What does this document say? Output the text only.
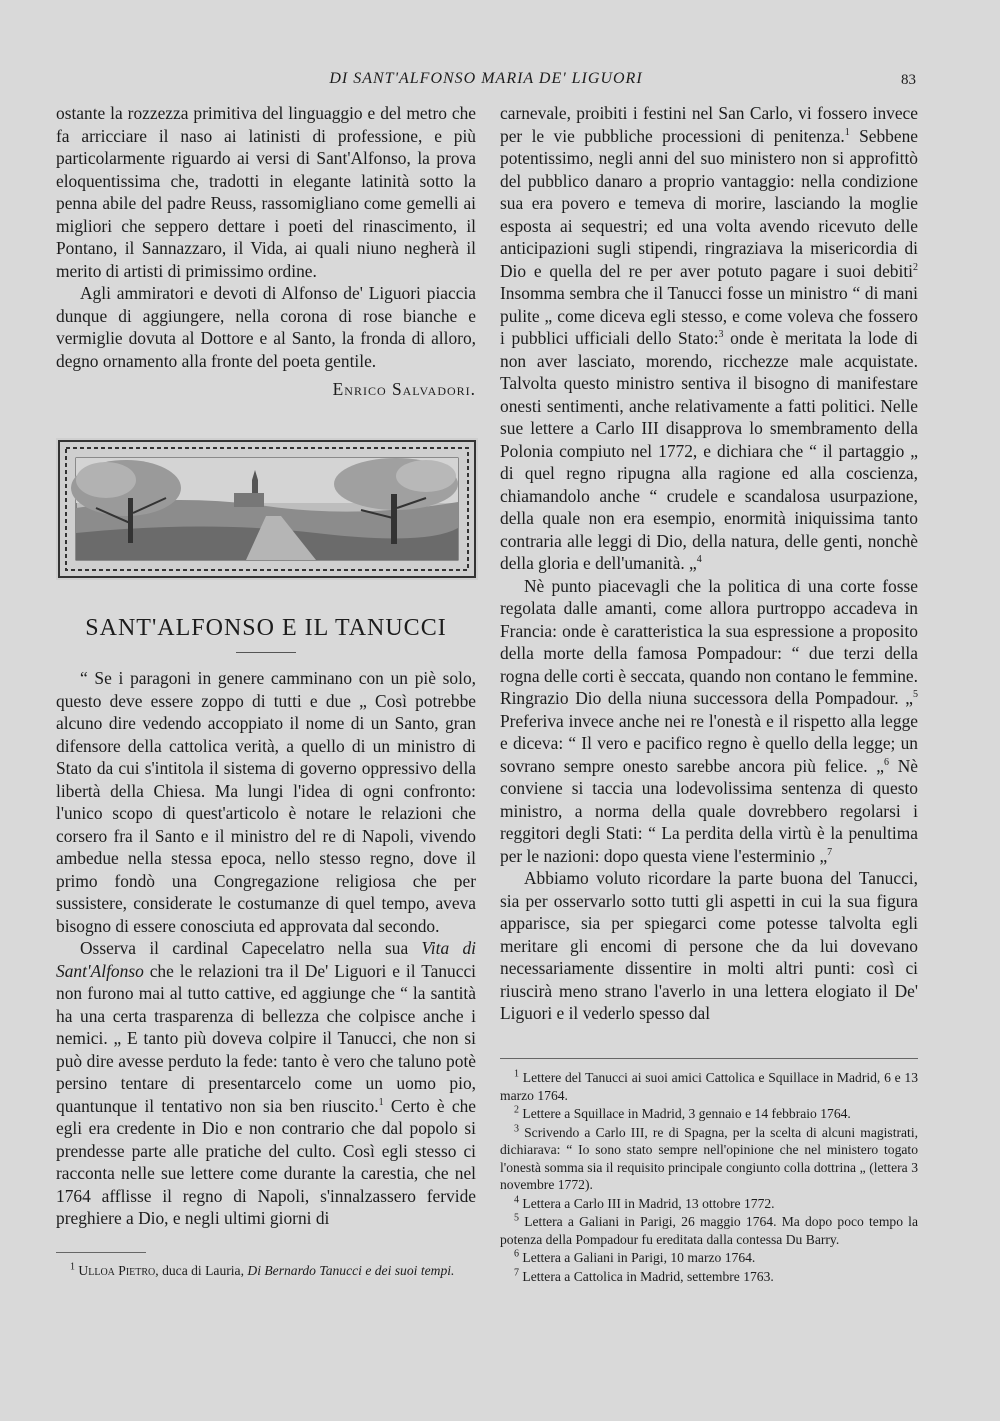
DI SANT'ALFONSO MARIA DE' LIGUORI	83

ostante la rozzezza primitiva del linguaggio e del metro che fa arricciare il naso ai latinisti di professione, e più particolarmente riguardo ai versi di Sant'Alfonso, la prova eloquentissima che, tradotti in elegante latinità sotto la penna abile del padre Reuss, rassomigliano come gemelli ai migliori che seppero dettare i poeti del rinascimento, il Pontano, il Sannazzaro, il Vida, ai quali niuno negherà il merito di artisti di primissimo ordine.

Agli ammiratori e devoti di Alfonso de' Liguori piaccia dunque di aggiungere, nella corona di rose bianche e vermiglie dovuta al Dottore e al Santo, la fronda di alloro, degno ornamento alla fronte del poeta gentile.

Enrico Salvadori.
SANT'ALFONSO E IL TANUCCI

“ Se i paragoni in genere camminano con un piè solo, questo deve essere zoppo di tutti e due „ Così potrebbe alcuno dire vedendo accoppiato il nome di un Santo, gran difensore della cattolica verità, a quello di un ministro di Stato da cui s'intitola il sistema di governo oppressivo della libertà della Chiesa. Ma lungi l'idea di ogni confronto: l'unico scopo di quest'articolo è notare le relazioni che corsero fra il Santo e il ministro del re di Napoli, vivendo ambedue nella stessa epoca, nello stesso regno, dove il primo fondò una Congregazione religiosa che per sussistere, considerate le costumanze di quel tempo, aveva bisogno di essere conosciuta ed approvata dal secondo.

Osserva il cardinal Capecelatro nella sua Vita di Sant'Alfonso che le relazioni tra il De' Liguori e il Tanucci non furono mai al tutto cattive, ed aggiunge che “ la santità ha una certa trasparenza di bellezza che colpisce anche i nemici. „ E tanto più doveva colpire il Tanucci, che non si può dire avesse perduto la fede: tanto è vero che taluno potè persino tentare di presentarcelo come un uomo pio, quantunque il tentativo non sia ben riuscito.$^1$ Certo è che egli era credente in Dio e non contrario che dal popolo si prendesse parte alle pratiche del culto. Così egli stesso ci racconta nelle sue lettere come durante la carestia, che nel 1764 afflisse il regno di Napoli, s'innalzassero fervide preghiere a Dio, e negli ultimi giorni di

$^1$ Ulloa Pietro, duca di Lauria, Di Bernardo Tanucci e dei suoi tempi.

carnevale, proibiti i festini nel San Carlo, vi fossero invece per le vie pubbliche processioni di penitenza.$^1$ Sebbene potentissimo, negli anni del suo ministero non si approfittò del pubblico danaro a proprio vantaggio: nella condizione sua era povero e temeva di morire, lasciando la moglie esposta ai sequestri; ed una volta avendo ricevuto delle anticipazioni sugli stipendi, ringraziava la misericordia di Dio e quella del re per aver potuto pagare i suoi debiti$^2$ Insomma sembra che il Tanucci fosse un ministro “ di mani pulite „ come diceva egli stesso, e come voleva che fossero i pubblici ufficiali dello Stato:$^3$ onde è meritata la lode di non aver lasciato, morendo, ricchezze male acquistate. Talvolta questo ministro sentiva il bisogno di manifestare onesti sentimenti, anche relativamente a fatti politici. Nelle sue lettere a Carlo III disapprova lo smembramento della Polonia compiuto nel 1772, e dichiara che “ il partaggio „ di quel regno ripugna alla ragione ed alla coscienza, chiamandolo anche “ crudele e scandalosa usurpazione, della quale non era esempio, enormità iniquissima tanto contraria alle leggi di Dio, della natura, delle genti, nonchè della gloria e dell'umanità. „$^4$

Nè punto piacevagli che la politica di una corte fosse regolata dalle amanti, come allora purtroppo accadeva in Francia: onde è caratteristica la sua espressione a proposito della morte della famosa Pompadour: “ due terzi della rogna delle corti è seccata, quando non contano le femmine. Ringrazio Dio della niuna successora della Pompadour. „$^5$ Preferiva invece anche nei re l'onestà e il rispetto alla legge e diceva: “ Il vero e pacifico regno è quello della legge; un sovrano sempre onesto sarebbe ancora più felice. „$^6$ Nè conviene si taccia una lodevolissima sentenza di questo ministro, a norma della quale dovrebbero regolarsi i reggitori degli Stati: “ La perdita della virtù è la penultima per le nazioni: dopo questa viene l'esterminio „$^7$

Abbiamo voluto ricordare la parte buona del Tanucci, sia per osservarlo sotto tutti gli aspetti in cui la sua figura apparisce, sia per spiegarci come potesse talvolta egli meritare gli encomi di persone che da lui dovevano necessariamente dissentire in molti altri punti: così ci riuscirà meno strano l'averlo in una lettera elogiato il De' Liguori e il vederlo spesso dal

$^1$ Lettere del Tanucci ai suoi amici Cattolica e Squillace in Madrid, 6 e 13 marzo 1764.

$^2$ Lettere a Squillace in Madrid, 3 gennaio e 14 febbraio 1764.

$^3$ Scrivendo a Carlo III, re di Spagna, per la scelta di alcuni magistrati, dichiarava: “ Io sono stato sempre nell'opinione che nel ministero togato l'onestà somma sia il requisito principale congiunto colla dottrina „ (lettera 3 novembre 1772).

$^4$ Lettera a Carlo III in Madrid, 13 ottobre 1772.

$^5$ Lettera a Galiani in Parigi, 26 maggio 1764. Ma dopo poco tempo la potenza della Pompadour fu ereditata dalla contessa Du Barry.

$^6$ Lettera a Galiani in Parigi, 10 marzo 1764.

$^7$ Lettera a Cattolica in Madrid, settembre 1763.
